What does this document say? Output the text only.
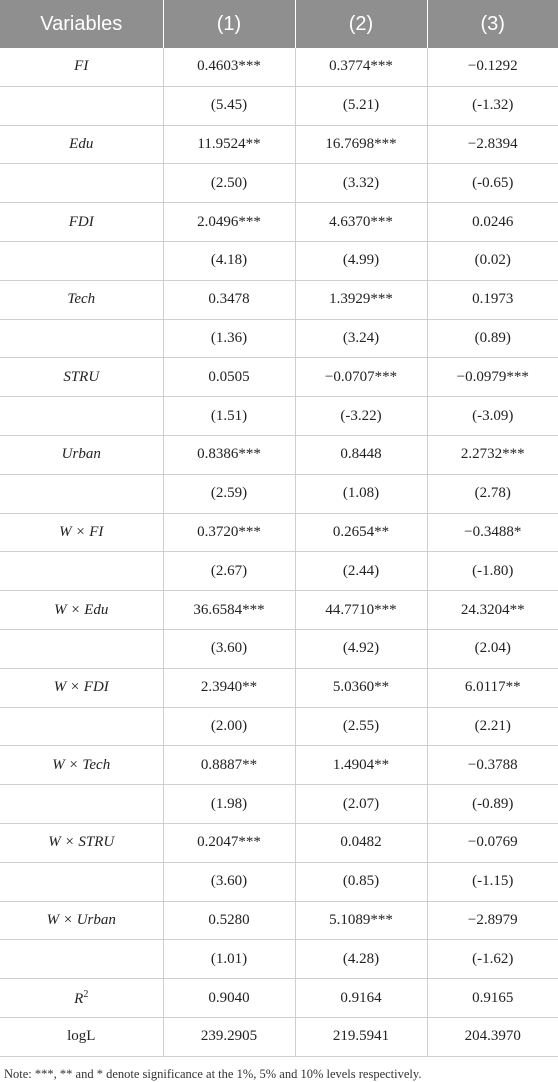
Variables	(1)	(2)	(3)
FI	0.4603***	0.3774***	−0.1292
	(5.45)	(5.21)	(-1.32)
Edu	11.9524**	16.7698***	−2.8394
	(2.50)	(3.32)	(-0.65)
FDI	2.0496***	4.6370***	0.0246
	(4.18)	(4.99)	(0.02)
Tech	0.3478	1.3929***	0.1973
	(1.36)	(3.24)	(0.89)
STRU	0.0505	−0.0707***	−0.0979***
	(1.51)	(-3.22)	(-3.09)
Urban	0.8386***	0.8448	2.2732***
	(2.59)	(1.08)	(2.78)
W × FI	0.3720***	0.2654**	−0.3488*
	(2.67)	(2.44)	(-1.80)
W × Edu	36.6584***	44.7710***	24.3204**
	(3.60)	(4.92)	(2.04)
W × FDI	2.3940**	5.0360**	6.0117**
	(2.00)	(2.55)	(2.21)
W × Tech	0.8887**	1.4904**	−0.3788
	(1.98)	(2.07)	(-0.89)
W × STRU	0.2047***	0.0482	−0.0769
	(3.60)	(0.85)	(-1.15)
W × Urban	0.5280	5.1089***	−2.8979
	(1.01)	(4.28)	(-1.62)
$R^2$	0.9040	0.9164	0.9165
logL	239.2905	219.5941	204.3970
Note: ***, ** and * denote significance at the 1%, 5% and 10% levels respectively.
